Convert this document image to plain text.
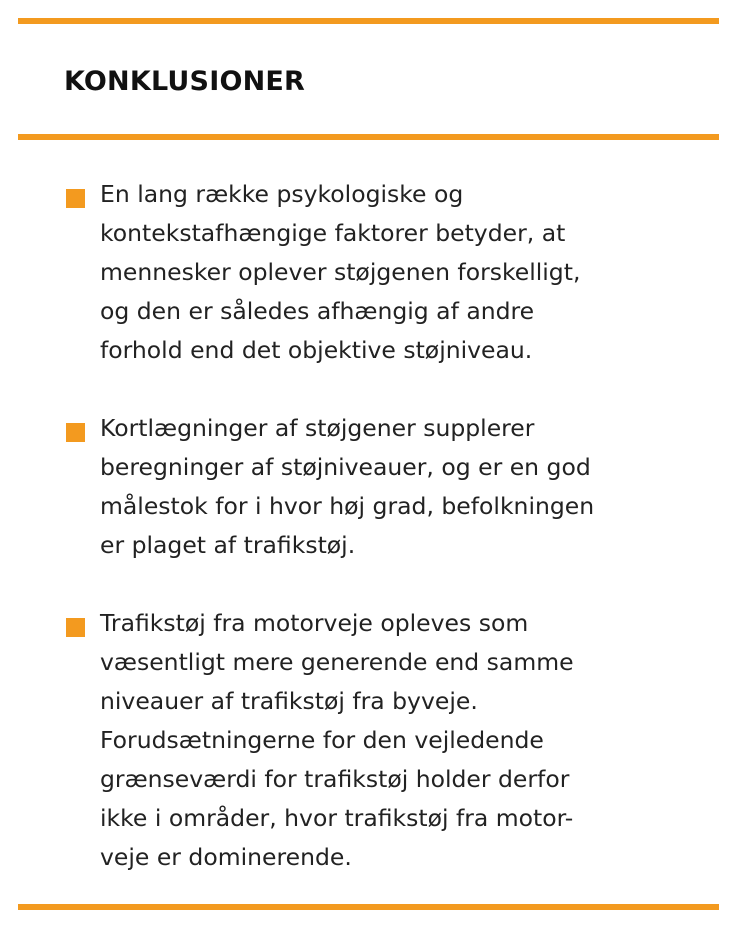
KONKLUSIONER
En lang række psykologiske og
kontekstafhængige faktorer betyder, at
mennesker oplever støjgenen forskelligt,
og den er således afhængig af andre
forhold end det objektive støjniveau.
Kortlægninger af støjgener supplerer
beregninger af støjniveauer, og er en god
målestok for i hvor høj grad, befolkningen
er plaget af trafikstøj.
Trafikstøj fra motorveje opleves som
væsentligt mere generende end samme
niveauer af trafikstøj fra byveje.
Forudsætningerne for den vejledende
grænseværdi for trafikstøj holder derfor
ikke i områder, hvor trafikstøj fra motor-
veje er dominerende.
